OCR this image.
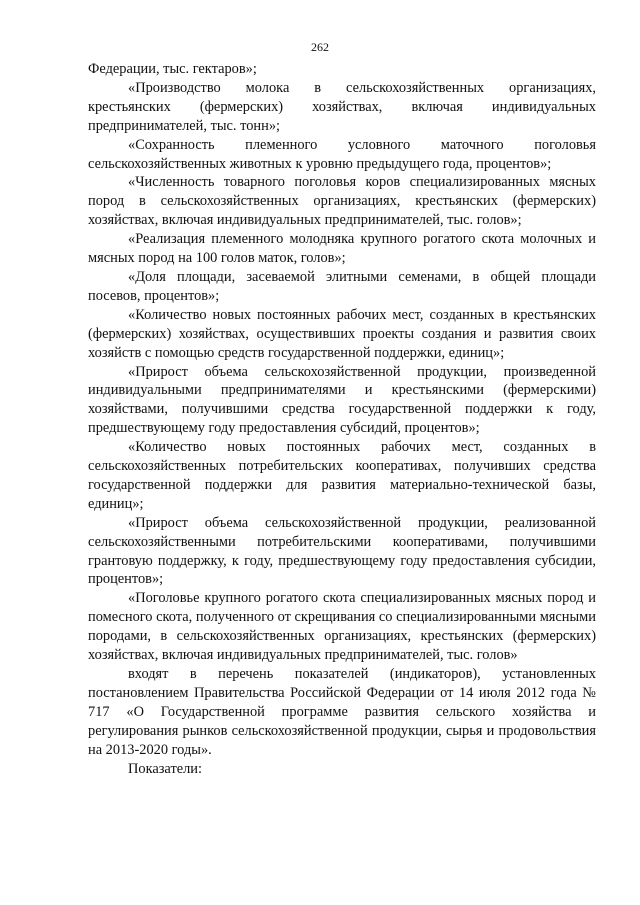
262

Федерации, тыс. гектаров»;

«Производство молока в сельскохозяйственных организациях, крестьянских (фермерских) хозяйствах, включая индивидуальных предпринимателей, тыс. тонн»;

«Сохранность племенного условного маточного поголовья сельскохозяйственных животных к уровню предыдущего года, процентов»;

«Численность товарного поголовья коров специализированных мясных пород в сельскохозяйственных организациях, крестьянских (фермерских) хозяйствах, включая индивидуальных предпринимателей, тыс. голов»;

«Реализация племенного молодняка крупного рогатого скота молочных и мясных пород на 100 голов маток, голов»;

«Доля площади, засеваемой элитными семенами, в общей площади посевов, процентов»;

«Количество новых постоянных рабочих мест, созданных в крестьянских (фермерских) хозяйствах, осуществивших проекты создания и развития своих хозяйств с помощью средств государственной поддержки, единиц»;

«Прирост объема сельскохозяйственной продукции, произведенной индивидуальными предпринимателями и крестьянскими (фермерскими) хозяйствами, получившими средства государственной поддержки к году, предшествующему году предоставления субсидий, процентов»;

«Количество новых постоянных рабочих мест, созданных в сельскохозяйственных потребительских кооперативах, получивших средства государственной поддержки для развития материально-технической базы, единиц»;

«Прирост объема сельскохозяйственной продукции, реализованной сельскохозяйственными потребительскими кооперативами, получившими грантовую поддержку, к году, предшествующему году предоставления субсидии, процентов»;

«Поголовье крупного рогатого скота специализированных мясных пород и помесного скота, полученного от скрещивания со специализированными мясными породами, в сельскохозяйственных организациях, крестьянских (фермерских) хозяйствах, включая индивидуальных предпринимателей, тыс. голов»

входят в перечень показателей (индикаторов), установленных постановлением Правительства Российской Федерации от 14 июля 2012 года № 717 «О Государственной программе развития сельского хозяйства и регулирования рынков сельскохозяйственной продукции, сырья и продовольствия на 2013-2020 годы».

Показатели:
